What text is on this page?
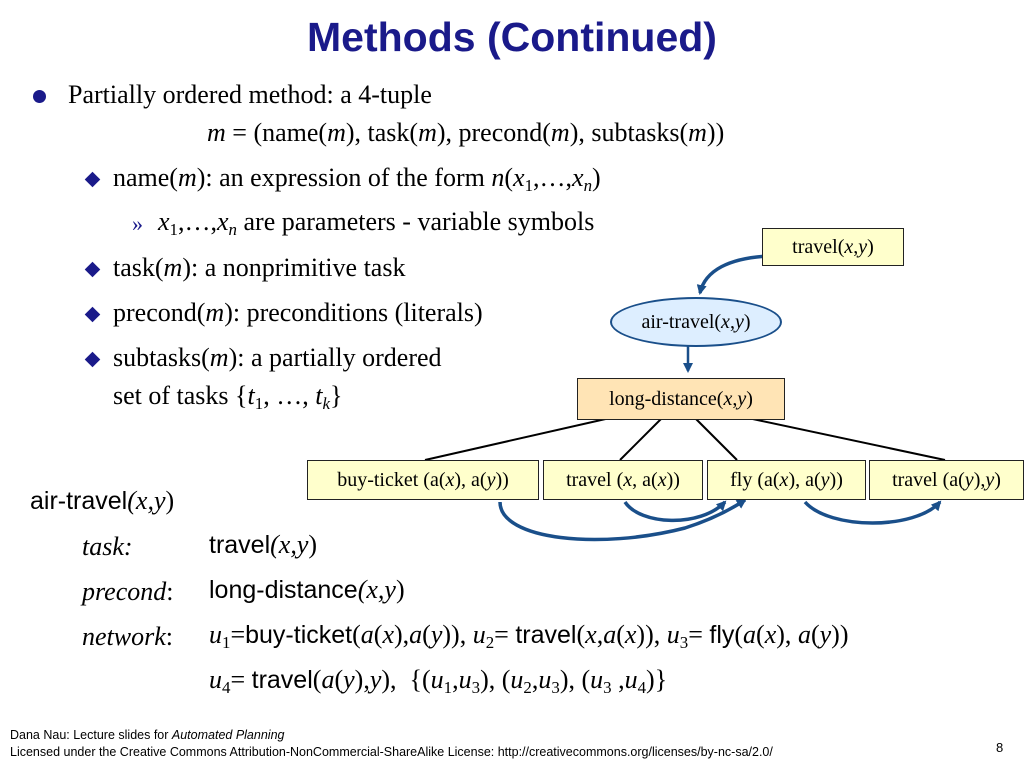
Methods (Continued)
Partially ordered method: a 4-tuple
m = (name(m), task(m), precond(m), subtasks(m))
name(m): an expression of the form $n(x_1,\dots,x_n)$
» $x_1,\dots,x_n$ are parameters - variable symbols
task(m): a nonprimitive task
precond(m): preconditions (literals)
subtasks(m): a partially ordered
set of tasks {$t_1$, …, $t_k$}
travel( x , y )
air-travel( x , y )
long-distance( x , y )
buy-ticket (a( x ), a( y ))	travel ( x , a( x ))	fly (a( x ), a( y ))	travel (a( y ), y )
air-travel(x,y)
task:	travel(x,y)
precond: long-distance(x,y)
network: $u_1=buy-ticket(a(x),a(y))$, $u_2=$ travel(x,a(x)), $u_3= fly(a(x)$, a(y))
$u_4=$ travel(a(y),y),  {$(u_1,u_3)$, $(u_2,u_3)$, ($u_3$ $,u_4$)}
Dana Nau: Lecture slides for Automated Planning
Licensed under the Creative Commons Attribution-NonCommercial-ShareAlike License: http://creativecommons.org/licenses/by-nc-sa/2.0/	8
